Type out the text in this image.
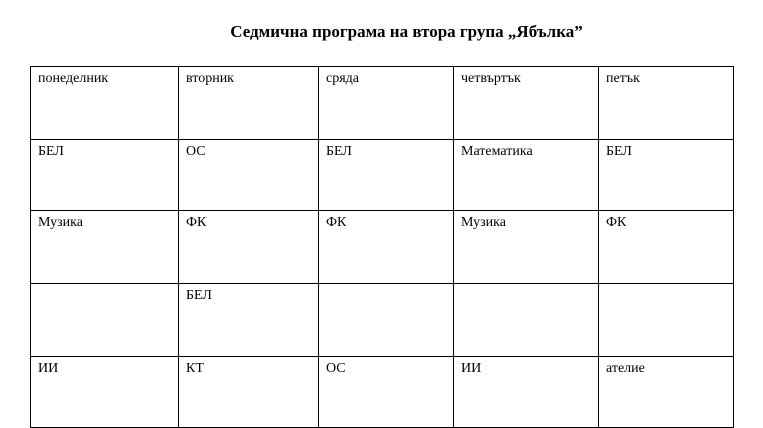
Седмична програма на втора група „Ябълка”
понеделник	вторник	сряда	четвъртък	петък
БЕЛ	ОС	БЕЛ	Математика	БЕЛ
Музика	ФК	ФК	Музика	ФК
	БЕЛ			
ИИ	КТ	ОС	ИИ	ателие
